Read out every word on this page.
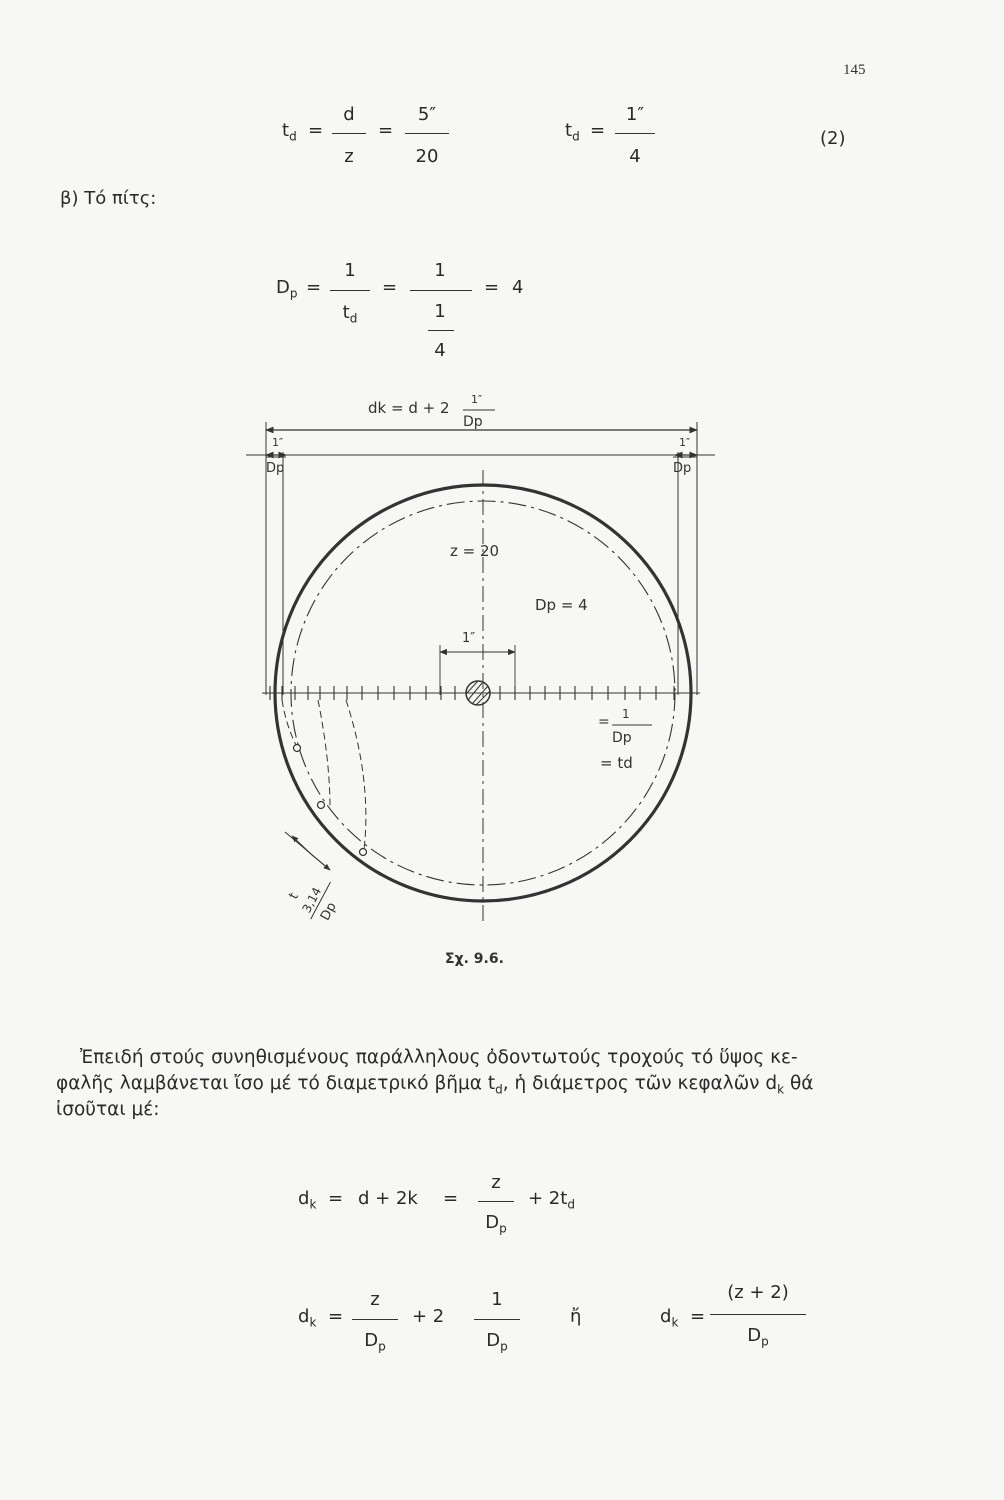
145
$t_d$ =
d
z
=
5″
20
$t_d$ =
1″
4
(2)
β) Τό πίτς:
$D_p$ =
1
$t_d$
=
1
1
4
= 4
dk = d + 2 1″
Dp
1″
Dp
1″
Dp
z = 20
Dp = 4
1″
= 1
Dp
= td
t
3,14
Dp
Σχ. 9.6.
Ἐπειδή στούς συνηθισμένους παράλληλους ὀδοντωτούς τροχούς τό ὕψος κε-
φαλῆς λαμβάνεται ἴσο μέ τό διαμετρικό βῆμα $t_d$, ἡ διάμετρος τῶν κεφαλῶν $d_k$ θά
ἰσοῦται μέ:
$d_k = d + 2k$ =
z
$D_p$
+ $2t_d$
$d_k$ =
z
$D_p$
+ 2
1
$D_p$
ἤ	$d_k$ =
(z + 2)
$D_p$
